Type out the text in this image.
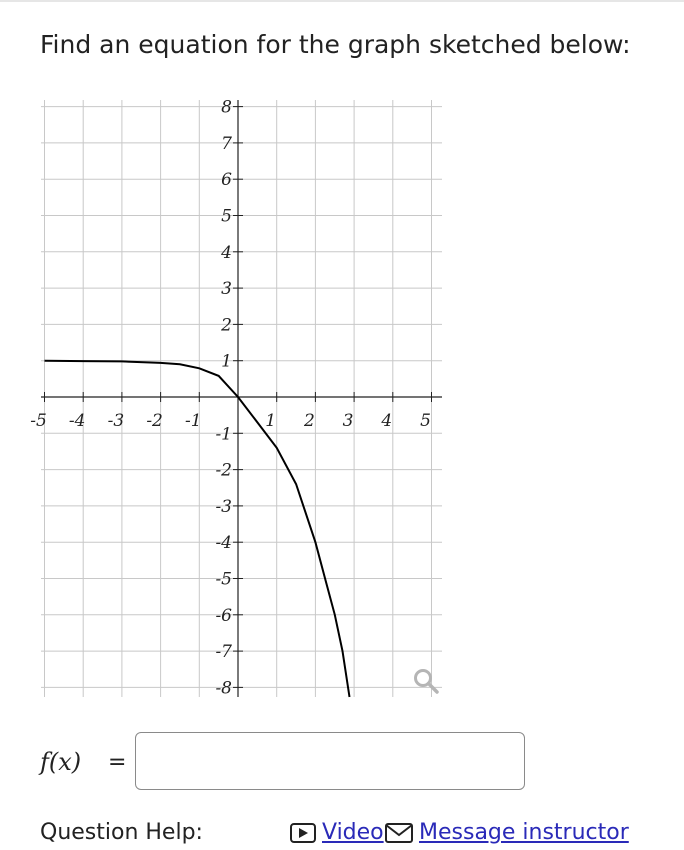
Find an equation for the graph sketched below:
-5 -4 -3 -2 -1	1 2 3 4 5
8
7
6
5
4
3
2
1
-1
-2
-3
-4
-5
-6
-7
-8
f(x) =
Question Help:	Video	Message instructor
